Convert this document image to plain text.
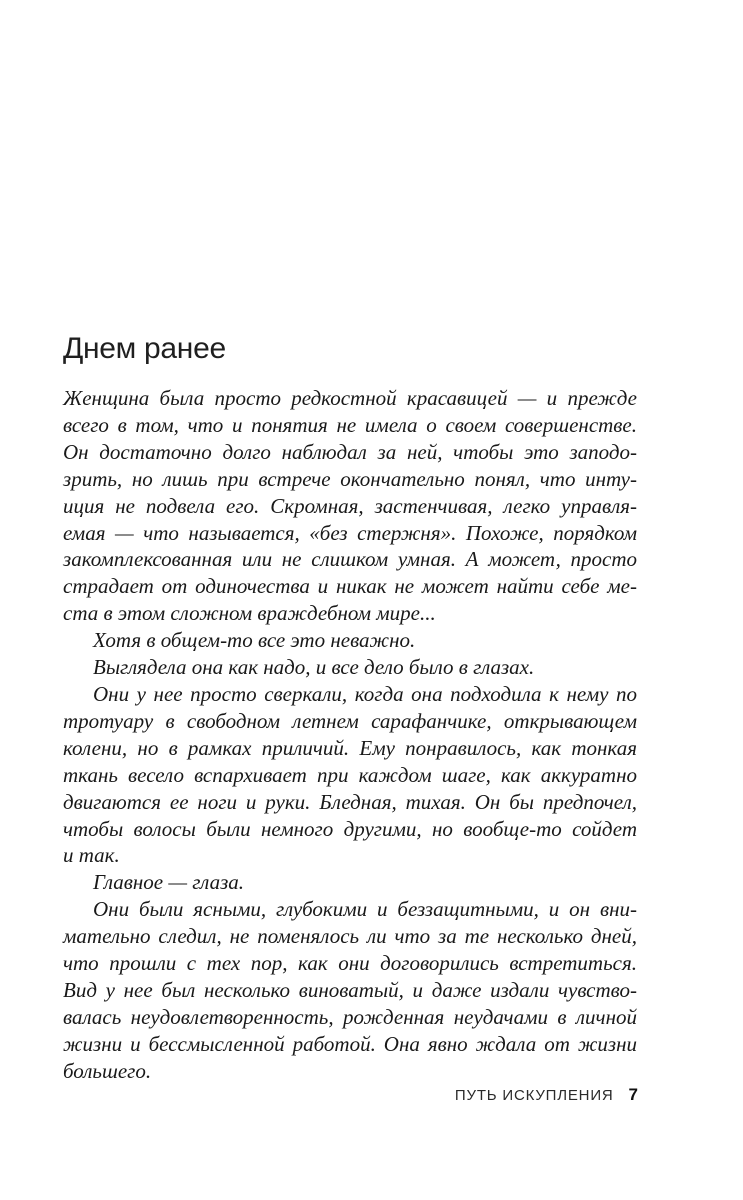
Днем ранее
Женщина была просто редкостной красавицей — и прежде
всего в том, что и понятия не имела о своем совершенстве.
Он достаточно долго наблюдал за ней, чтобы это заподо-
зрить, но лишь при встрече окончательно понял, что инту-
иция не подвела его. Скромная, застенчивая, легко управля-
емая — что называется, «без стержня». Похоже, порядком
закомплексованная или не слишком умная. А может, просто
страдает от одиночества и никак не может найти себе ме-
ста в этом сложном враждебном мире...
Хотя в общем-то все это неважно.
Выглядела она как надо, и все дело было в глазах.
Они у нее просто сверкали, когда она подходила к нему по
тротуару в свободном летнем сарафанчике, открывающем
колени, но в рамках приличий. Ему понравилось, как тонкая
ткань весело вспархивает при каждом шаге, как аккуратно
двигаются ее ноги и руки. Бледная, тихая. Он бы предпочел,
чтобы волосы были немного другими, но вообще-то сойдет
и так.
Главное — глаза.
Они были ясными, глубокими и беззащитными, и он вни-
мательно следил, не поменялось ли что за те несколько дней,
что прошли с тех пор, как они договорились встретиться.
Вид у нее был несколько виноватый, и даже издали чувство-
валась неудовлетворенность, рожденная неудачами в личной
жизни и бессмысленной работой. Она явно ждала от жизни
большего.
ПУТЬ ИСКУПЛЕНИЯ 7
